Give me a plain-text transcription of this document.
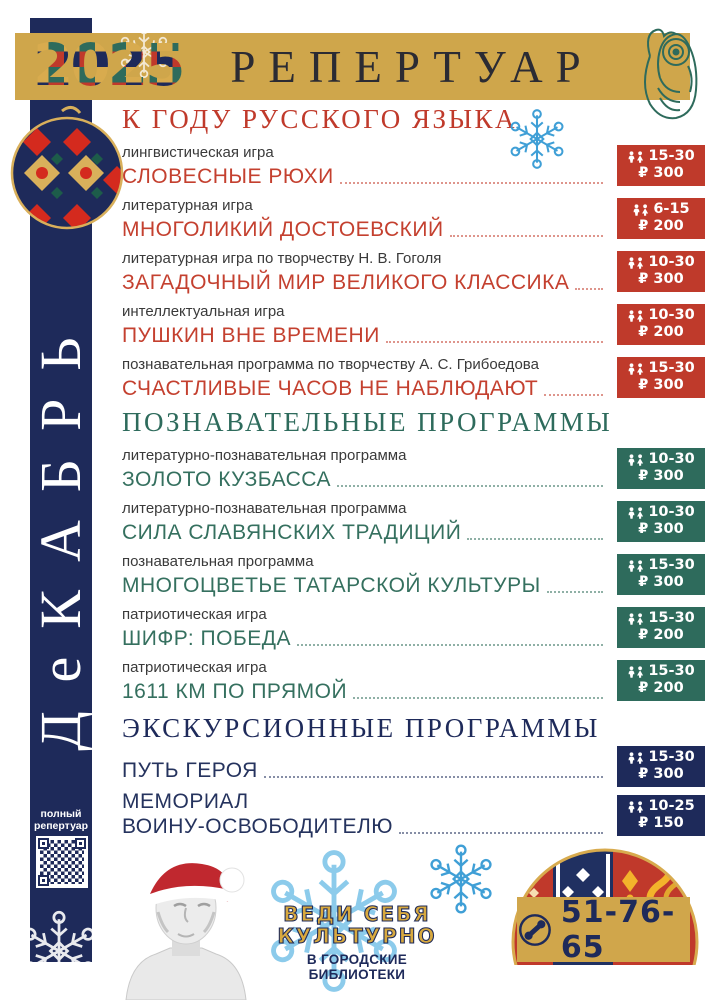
ДеКАБРЬ
полный
репертуар
2025	РЕПЕРТУАР
К ГОДУ РУССКОГО ЯЗЫКА
лингвистическая игра
СЛОВЕСНЫЕ РЮХИ
15-30
₽ 300
литературная игра
МНОГОЛИКИЙ ДОСТОЕВСКИЙ
6-15
₽ 200
литературная игра по творчеству Н. В. Гоголя
ЗАГАДОЧНЫЙ МИР ВЕЛИКОГО КЛАССИКА
10-30
₽ 300
интеллектуальная игра
ПУШКИН ВНЕ ВРЕМЕНИ
10-30
₽ 200
познавательная программа по творчеству А. С. Грибоедова
СЧАСТЛИВЫЕ ЧАСОВ НЕ НАБЛЮДАЮТ
15-30
₽ 300
ПОЗНАВАТЕЛЬНЫЕ ПРОГРАММЫ
литературно-познавательная программа
ЗОЛОТО КУЗБАССА
10-30
₽ 300
литературно-познавательная программа
СИЛА СЛАВЯНСКИХ ТРАДИЦИЙ
10-30
₽ 300
познавательная программа
МНОГОЦВЕТЬЕ ТАТАРСКОЙ КУЛЬТУРЫ
15-30
₽ 300
патриотическая игра
ШИФР: ПОБЕДА
15-30
₽ 200
патриотическая игра
1611 КМ ПО ПРЯМОЙ
15-30
₽ 200
ЭКСКУРСИОННЫЕ ПРОГРАММЫ
ПУТЬ ГЕРОЯ
15-30
₽ 300
МЕМОРИАЛ
ВОИНУ-ОСВОБОДИТЕЛЮ
10-25
₽ 150
ВЕДИ СЕБЯ
КУЛЬТУРНО
В ГОРОДСКИЕ БИБЛИОТЕКИ
51-76-65
